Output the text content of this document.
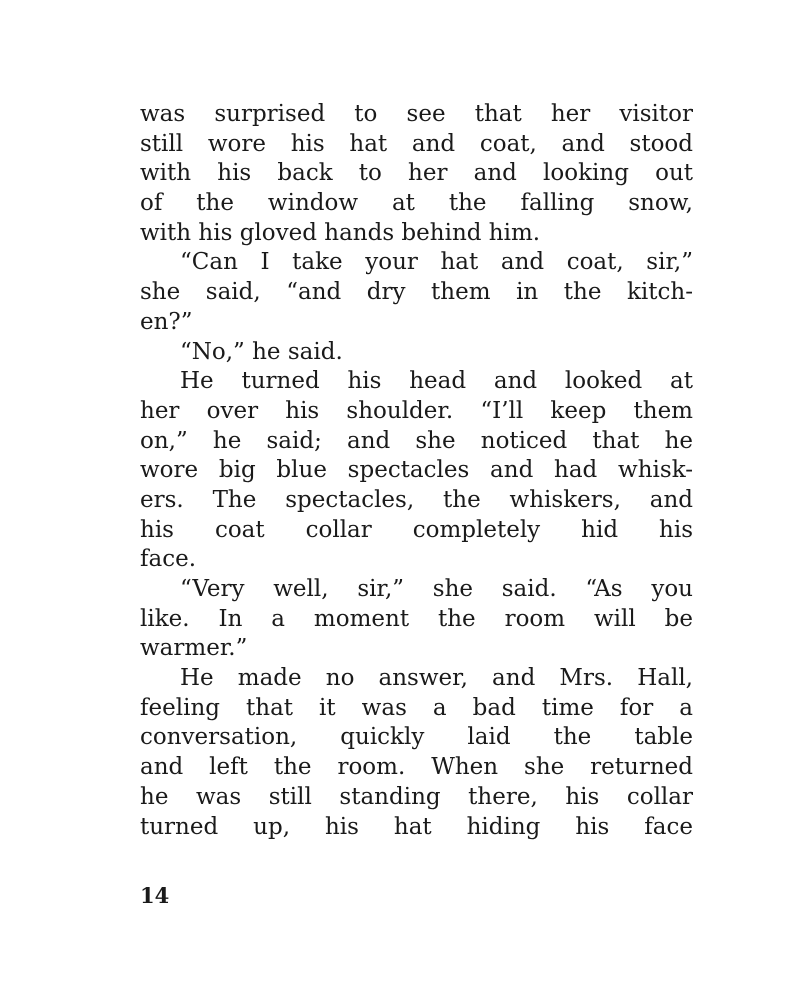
was surprised to see that her visitor
still wore his hat and coat, and stood
with his back to her and looking out
of the window at the falling snow,
with his gloved hands behind him.
“Can I take your hat and coat, sir,”
she said, “and dry them in the kitch-
en?”
“No,” he said.
He turned his head and looked at
her over his shoulder. “I’ll keep them
on,” he said; and she noticed that he
wore big blue spectacles and had whisk-
ers. The spectacles, the whiskers, and
his coat collar completely hid his
face.
“Very well, sir,” she said. “As you
like. In a moment the room will be
warmer.”
He made no answer, and Mrs. Hall,
feeling that it was a bad time for a
conversation, quickly laid the table
and left the room. When she returned
he was still standing there, his collar
turned up, his hat hiding his face
14
